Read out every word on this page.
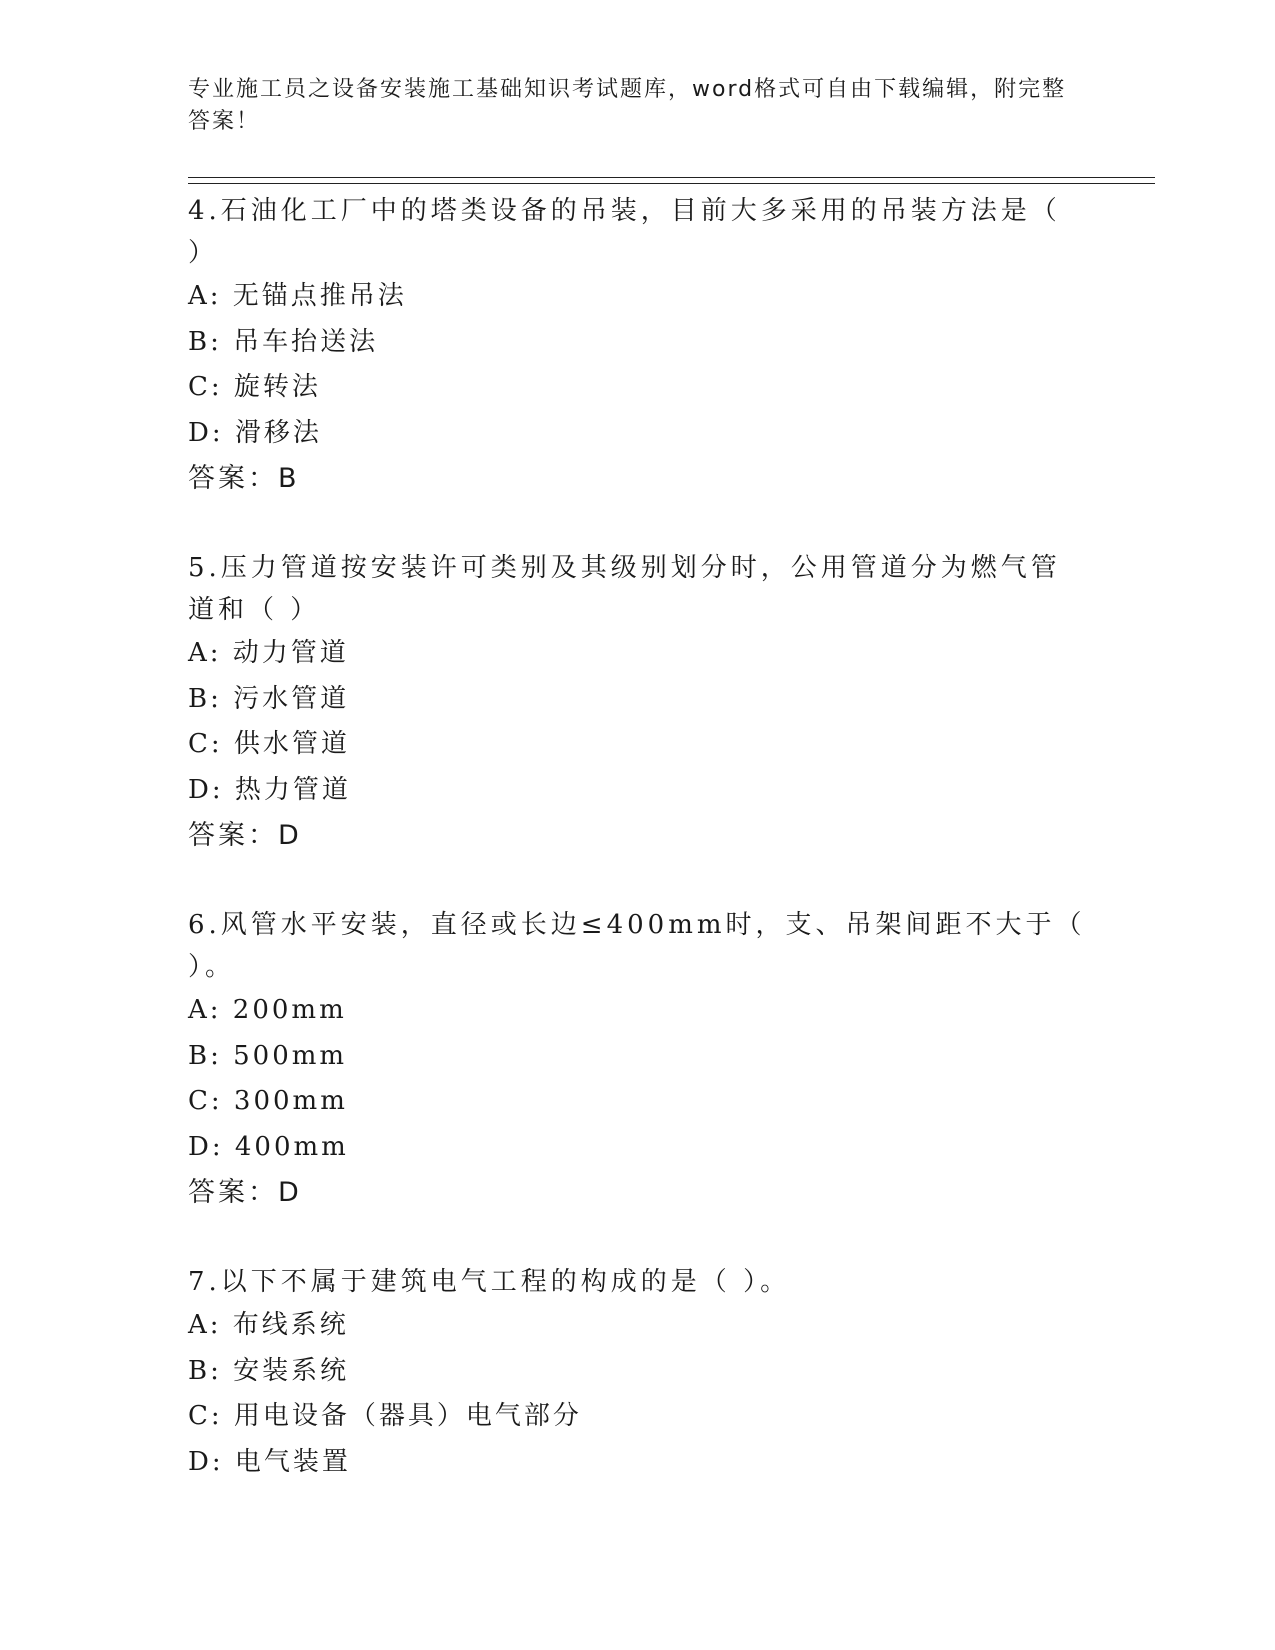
专业施工员之设备安装施工基础知识考试题库，word格式可自由下载编辑，附完整答案！

4.石油化工厂中的塔类设备的吊装，目前大多采用的吊装方法是（ ）

A: 无锚点推吊法

B: 吊车抬送法

C: 旋转法

D: 滑移法

答案：B

5.压力管道按安装许可类别及其级别划分时，公用管道分为燃气管道和（ ）

A: 动力管道

B: 污水管道

C: 供水管道

D: 热力管道

答案：D

6.风管水平安装，直径或长边≤400mm时，支、吊架间距不大于（ ）。

A: 200mm

B: 500mm

C: 300mm

D: 400mm

答案：D

7.以下不属于建筑电气工程的构成的是（ ）。

A: 布线系统

B: 安装系统

C: 用电设备（器具）电气部分

D: 电气装置
